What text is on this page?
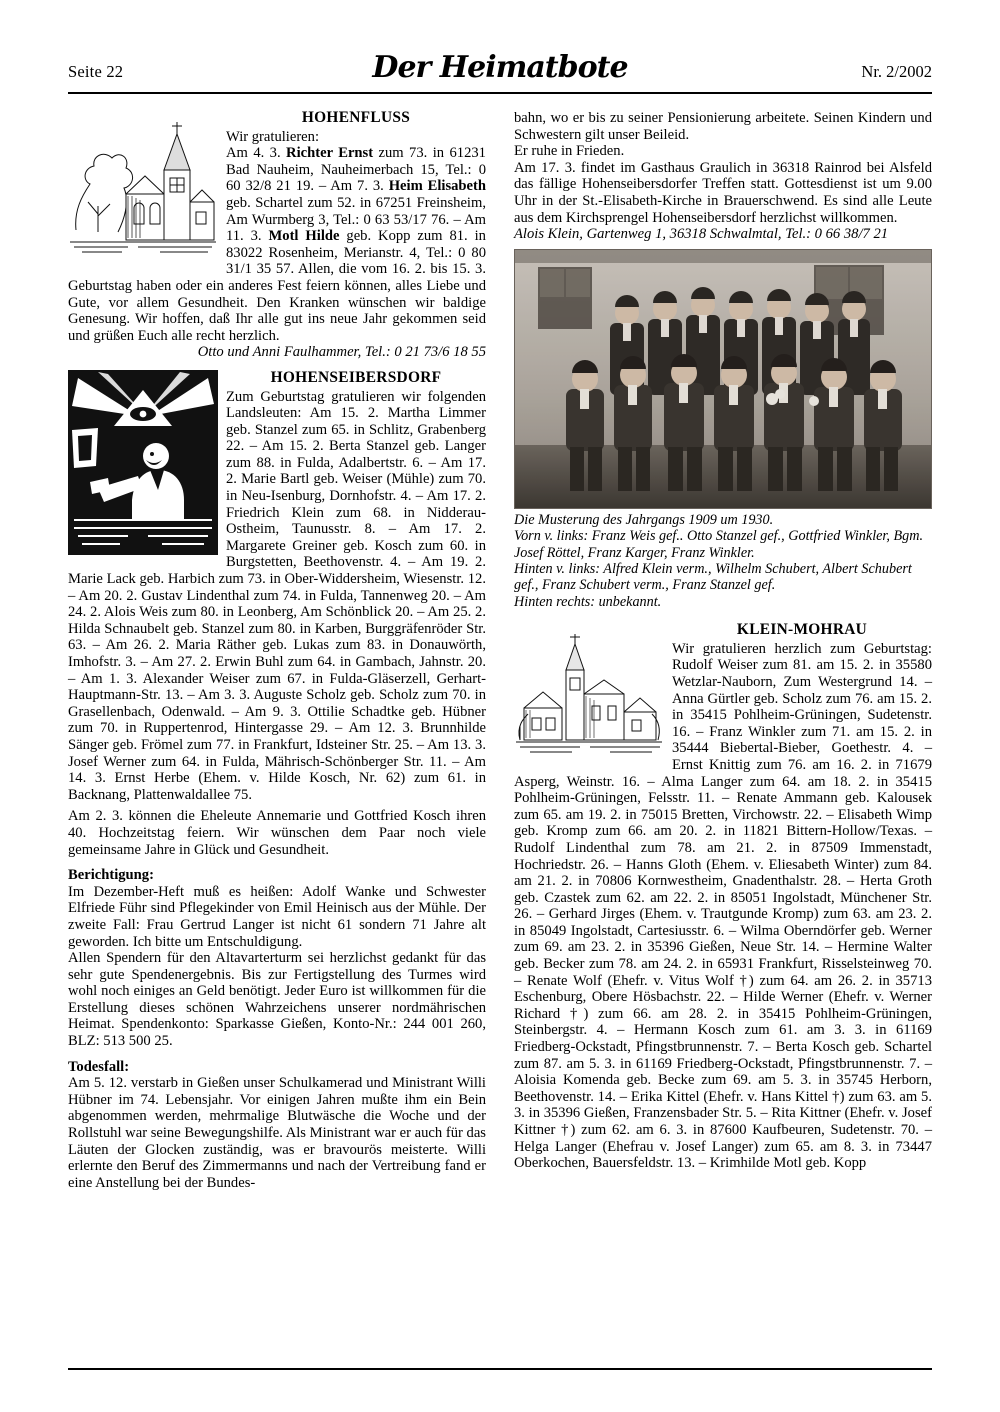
Seite 22	Der Heimatbote	Nr. 2/2002
HOHENFLUSS

Wir gratulieren:

Am 4. 3. Richter Ernst zum 73. in 61231 Bad Nauheim, Nauheimerbach 15, Tel.: 0 60 32/8 21 19. – Am 7. 3. Heim Elisabeth geb. Schartel zum 52. in 67251 Freinsheim, Am Wurmberg 3, Tel.: 0 63 53/17 76. – Am 11. 3. Motl Hilde geb. Kopp zum 81. in 83022 Rosenheim, Merianstr. 4, Tel.: 0 80 31/1 35 57. Allen, die vom 16. 2. bis 15. 3. Geburtstag haben oder ein anderes Fest feiern können, alles Liebe und Gute, vor allem Gesundheit. Den Kranken wünschen wir baldige Genesung. Wir hoffen, daß Ihr alle gut ins neue Jahr gekommen seid und grüßen Euch alle recht herzlich.

Otto und Anni Faulhammer, Tel.: 0 21 73/6 18 55

HOHENSEIBERSDORF

Zum Geburtstag gratulieren wir folgenden Landsleuten: Am 15. 2. Martha Limmer geb. Stanzel zum 65. in Schlitz, Grabenberg 22. – Am 15. 2. Berta Stanzel geb. Langer zum 88. in Fulda, Adalbertstr. 6. – Am 17. 2. Marie Bartl geb. Weiser (Mühle) zum 70. in Neu-Isenburg, Dornhofstr. 4. – Am 17. 2. Friedrich Klein zum 68. in Nidderau-Ostheim, Taunusstr. 8. – Am 17. 2. Margarete Greiner geb. Kosch zum 60. in Burgstetten, Beethovenstr. 4. – Am 19. 2. Marie Lack geb. Harbich zum 73. in Ober-Widdersheim, Wiesenstr. 12. – Am 20. 2. Gustav Lindenthal zum 74. in Fulda, Tannenweg 20. – Am 24. 2. Alois Weis zum 80. in Leonberg, Am Schönblick 20. – Am 25. 2. Hilda Schnaubelt geb. Stanzel zum 80. in Karben, Burggräfenröder Str. 63. – Am 26. 2. Maria Räther geb. Lukas zum 83. in Donauwörth, Imhofstr. 3. – Am 27. 2. Erwin Buhl zum 64. in Gambach, Jahnstr. 20. – Am 1. 3. Alexander Weiser zum 67. in Fulda-Gläserzell, Gerhart-Hauptmann-Str. 13. – Am 3. 3. Auguste Scholz geb. Scholz zum 70. in Grasellenbach, Odenwald. – Am 9. 3. Ottilie Schadtke geb. Hübner zum 70. in Ruppertenrod, Hintergasse 29. – Am 12. 3. Brunnhilde Sänger geb. Frömel zum 77. in Frankfurt, Idsteiner Str. 25. – Am 13. 3. Josef Werner zum 64. in Fulda, Mährisch-Schönberger Str. 11. – Am 14. 3. Ernst Herbe (Ehem. v. Hilde Kosch, Nr. 62) zum 61. in Backnang, Plattenwaldallee 75.

Am 2. 3. können die Eheleute Annemarie und Gottfried Kosch ihren 40. Hochzeitstag feiern. Wir wünschen dem Paar noch viele gemeinsame Jahre in Glück und Gesundheit.

Berichtigung:

Im Dezember-Heft muß es heißen: Adolf Wanke und Schwester Elfriede Führ sind Pflegekinder von Emil Heinisch aus der Mühle. Der zweite Fall: Frau Gertrud Langer ist nicht 61 sondern 71 Jahre alt geworden. Ich bitte um Entschuldigung.

Allen Spendern für den Altavarterturm sei herzlichst gedankt für das sehr gute Spendenergebnis. Bis zur Fertigstellung des Turmes wird wohl noch einiges an Geld benötigt. Jeder Euro ist willkommen für die Erstellung dieses schönen Wahrzeichens unserer nordmährischen Heimat. Spendenkonto: Sparkasse Gießen, Konto-Nr.: 244 001 260, BLZ: 513 500 25.

Todesfall:

Am 5. 12. verstarb in Gießen unser Schulkamerad und Ministrant Willi Hübner im 74. Lebensjahr. Vor einigen Jahren mußte ihm ein Bein abgenommen werden, mehrmalige Blutwäsche die Woche und der Rollstuhl war seine Bewegungshilfe. Als Ministrant war er auch für das Läuten der Glocken zuständig, was er bravourös meisterte. Willi erlernte den Beruf des Zimmermanns und nach der Vertreibung fand er eine Anstellung bei der Bundes-

bahn, wo er bis zu seiner Pensionierung arbeitete. Seinen Kindern und Schwestern gilt unser Beileid.

Er ruhe in Frieden.

Am 17. 3. findet im Gasthaus Graulich in 36318 Rainrod bei Alsfeld das fällige Hohenseibersdorfer Treffen statt. Gottesdienst ist um 9.00 Uhr in der St.-Elisabeth-Kirche in Brauerschwend. Es sind alle Leute aus dem Kirchsprengel Hohenseibersdorf herzlichst willkommen.

Alois Klein, Gartenweg 1, 36318 Schwalmtal, Tel.: 0 66 38/7 21

Die Musterung des Jahrgangs 1909 um 1930.
Vorn v. links: Franz Weis gef.. Otto Stanzel gef., Gottfried Winkler, Bgm. Josef Röttel, Franz Karger, Franz Winkler.
Hinten v. links: Alfred Klein verm., Wilhelm Schubert, Albert Schubert gef., Franz Schubert verm., Franz Stanzel gef.
Hinten rechts: unbekannt.
KLEIN-MOHRAU

Wir gratulieren herzlich zum Geburtstag: Rudolf Weiser zum 81. am 15. 2. in 35580 Wetzlar-Nauborn, Zum Westergrund 14. – Anna Gürtler geb. Scholz zum 76. am 15. 2. in 35415 Pohlheim-Grüningen, Sudetenstr. 16. – Franz Winkler zum 71. am 15. 2. in 35444 Biebertal-Bieber, Goethestr. 4. – Ernst Knittig zum 76. am 16. 2. in 71679 Asperg, Weinstr. 16. – Alma Langer zum 64. am 18. 2. in 35415 Pohlheim-Grüningen, Felsstr. 11. – Renate Ammann geb. Kalousek zum 65. am 19. 2. in 75015 Bretten, Virchowstr. 22. – Elisabeth Wimp geb. Kromp zum 66. am 20. 2. in 11821 Bittern-Hollow/Texas. – Rudolf Lindenthal zum 78. am 21. 2. in 87509 Immenstadt, Hochriedstr. 26. – Hanns Gloth (Ehem. v. Eliesabeth Winter) zum 84. am 21. 2. in 70806 Kornwestheim, Gnadenthalstr. 28. – Herta Groth geb. Czastek zum 62. am 22. 2. in 85051 Ingolstadt, Münchener Str. 26. – Gerhard Jirges (Ehem. v. Trautgunde Kromp) zum 63. am 23. 2. in 85049 Ingolstadt, Cartesiusstr. 6. – Wilma Oberndörfer geb. Werner zum 69. am 23. 2. in 35396 Gießen, Neue Str. 14. – Hermine Walter geb. Becker zum 78. am 24. 2. in 65931 Frankfurt, Risselsteinweg 70. – Renate Wolf (Ehefr. v. Vitus Wolf †) zum 64. am 26. 2. in 35713 Eschenburg, Obere Hösbachstr. 22. – Hilde Werner (Ehefr. v. Werner Richard †) zum 66. am 28. 2. in 35415 Pohlheim-Grüningen, Steinbergstr. 4. – Hermann Kosch zum 61. am 3. 3. in 61169 Friedberg-Ockstadt, Pfingstbrunnenstr. 7. – Berta Kosch geb. Schartel zum 87. am 5. 3. in 61169 Friedberg-Ockstadt, Pfingstbrunnenstr. 7. – Aloisia Komenda geb. Becke zum 69. am 5. 3. in 35745 Herborn, Beethovenstr. 14. – Erika Kittel (Ehefr. v. Hans Kittel †) zum 63. am 5. 3. in 35396 Gießen, Franzensbader Str. 5. – Rita Kittner (Ehefr. v. Josef Kittner †) zum 62. am 6. 3. in 87600 Kaufbeuren, Sudetenstr. 70. – Helga Langer (Ehefrau v. Josef Langer) zum 65. am 8. 3. in 73447 Oberkochen, Bauersfeldstr. 13. – Krimhilde Motl geb. Kopp
